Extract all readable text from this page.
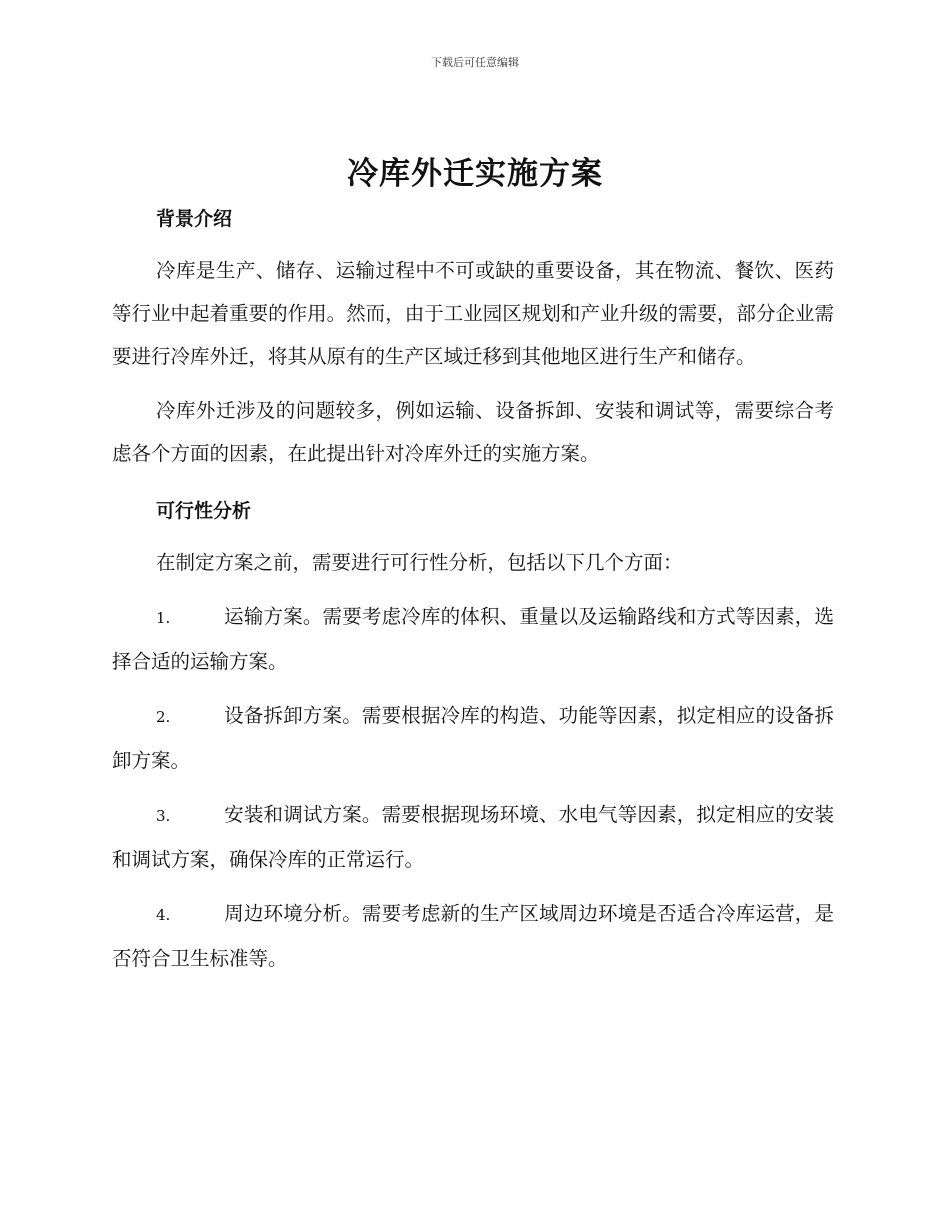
下载后可任意编辑
冷库外迁实施方案
背景介绍

冷库是生产、储存、运输过程中不可或缺的重要设备，其在物流、餐饮、医药等行业中起着重要的作用。然而，由于工业园区规划和产业升级的需要，部分企业需要进行冷库外迁，将其从原有的生产区域迁移到其他地区进行生产和储存。

冷库外迁涉及的问题较多，例如运输、设备拆卸、安装和调试等，需要综合考虑各个方面的因素，在此提出针对冷库外迁的实施方案。

可行性分析

在制定方案之前，需要进行可行性分析，包括以下几个方面：

1.	运输方案。需要考虑冷库的体积、重量以及运输路线和方式等因素，选择合适的运输方案。

2.	设备拆卸方案。需要根据冷库的构造、功能等因素，拟定相应的设备拆卸方案。

3.	安装和调试方案。需要根据现场环境、水电气等因素，拟定相应的安装和调试方案，确保冷库的正常运行。

4.	周边环境分析。需要考虑新的生产区域周边环境是否适合冷库运营，是否符合卫生标准等。
